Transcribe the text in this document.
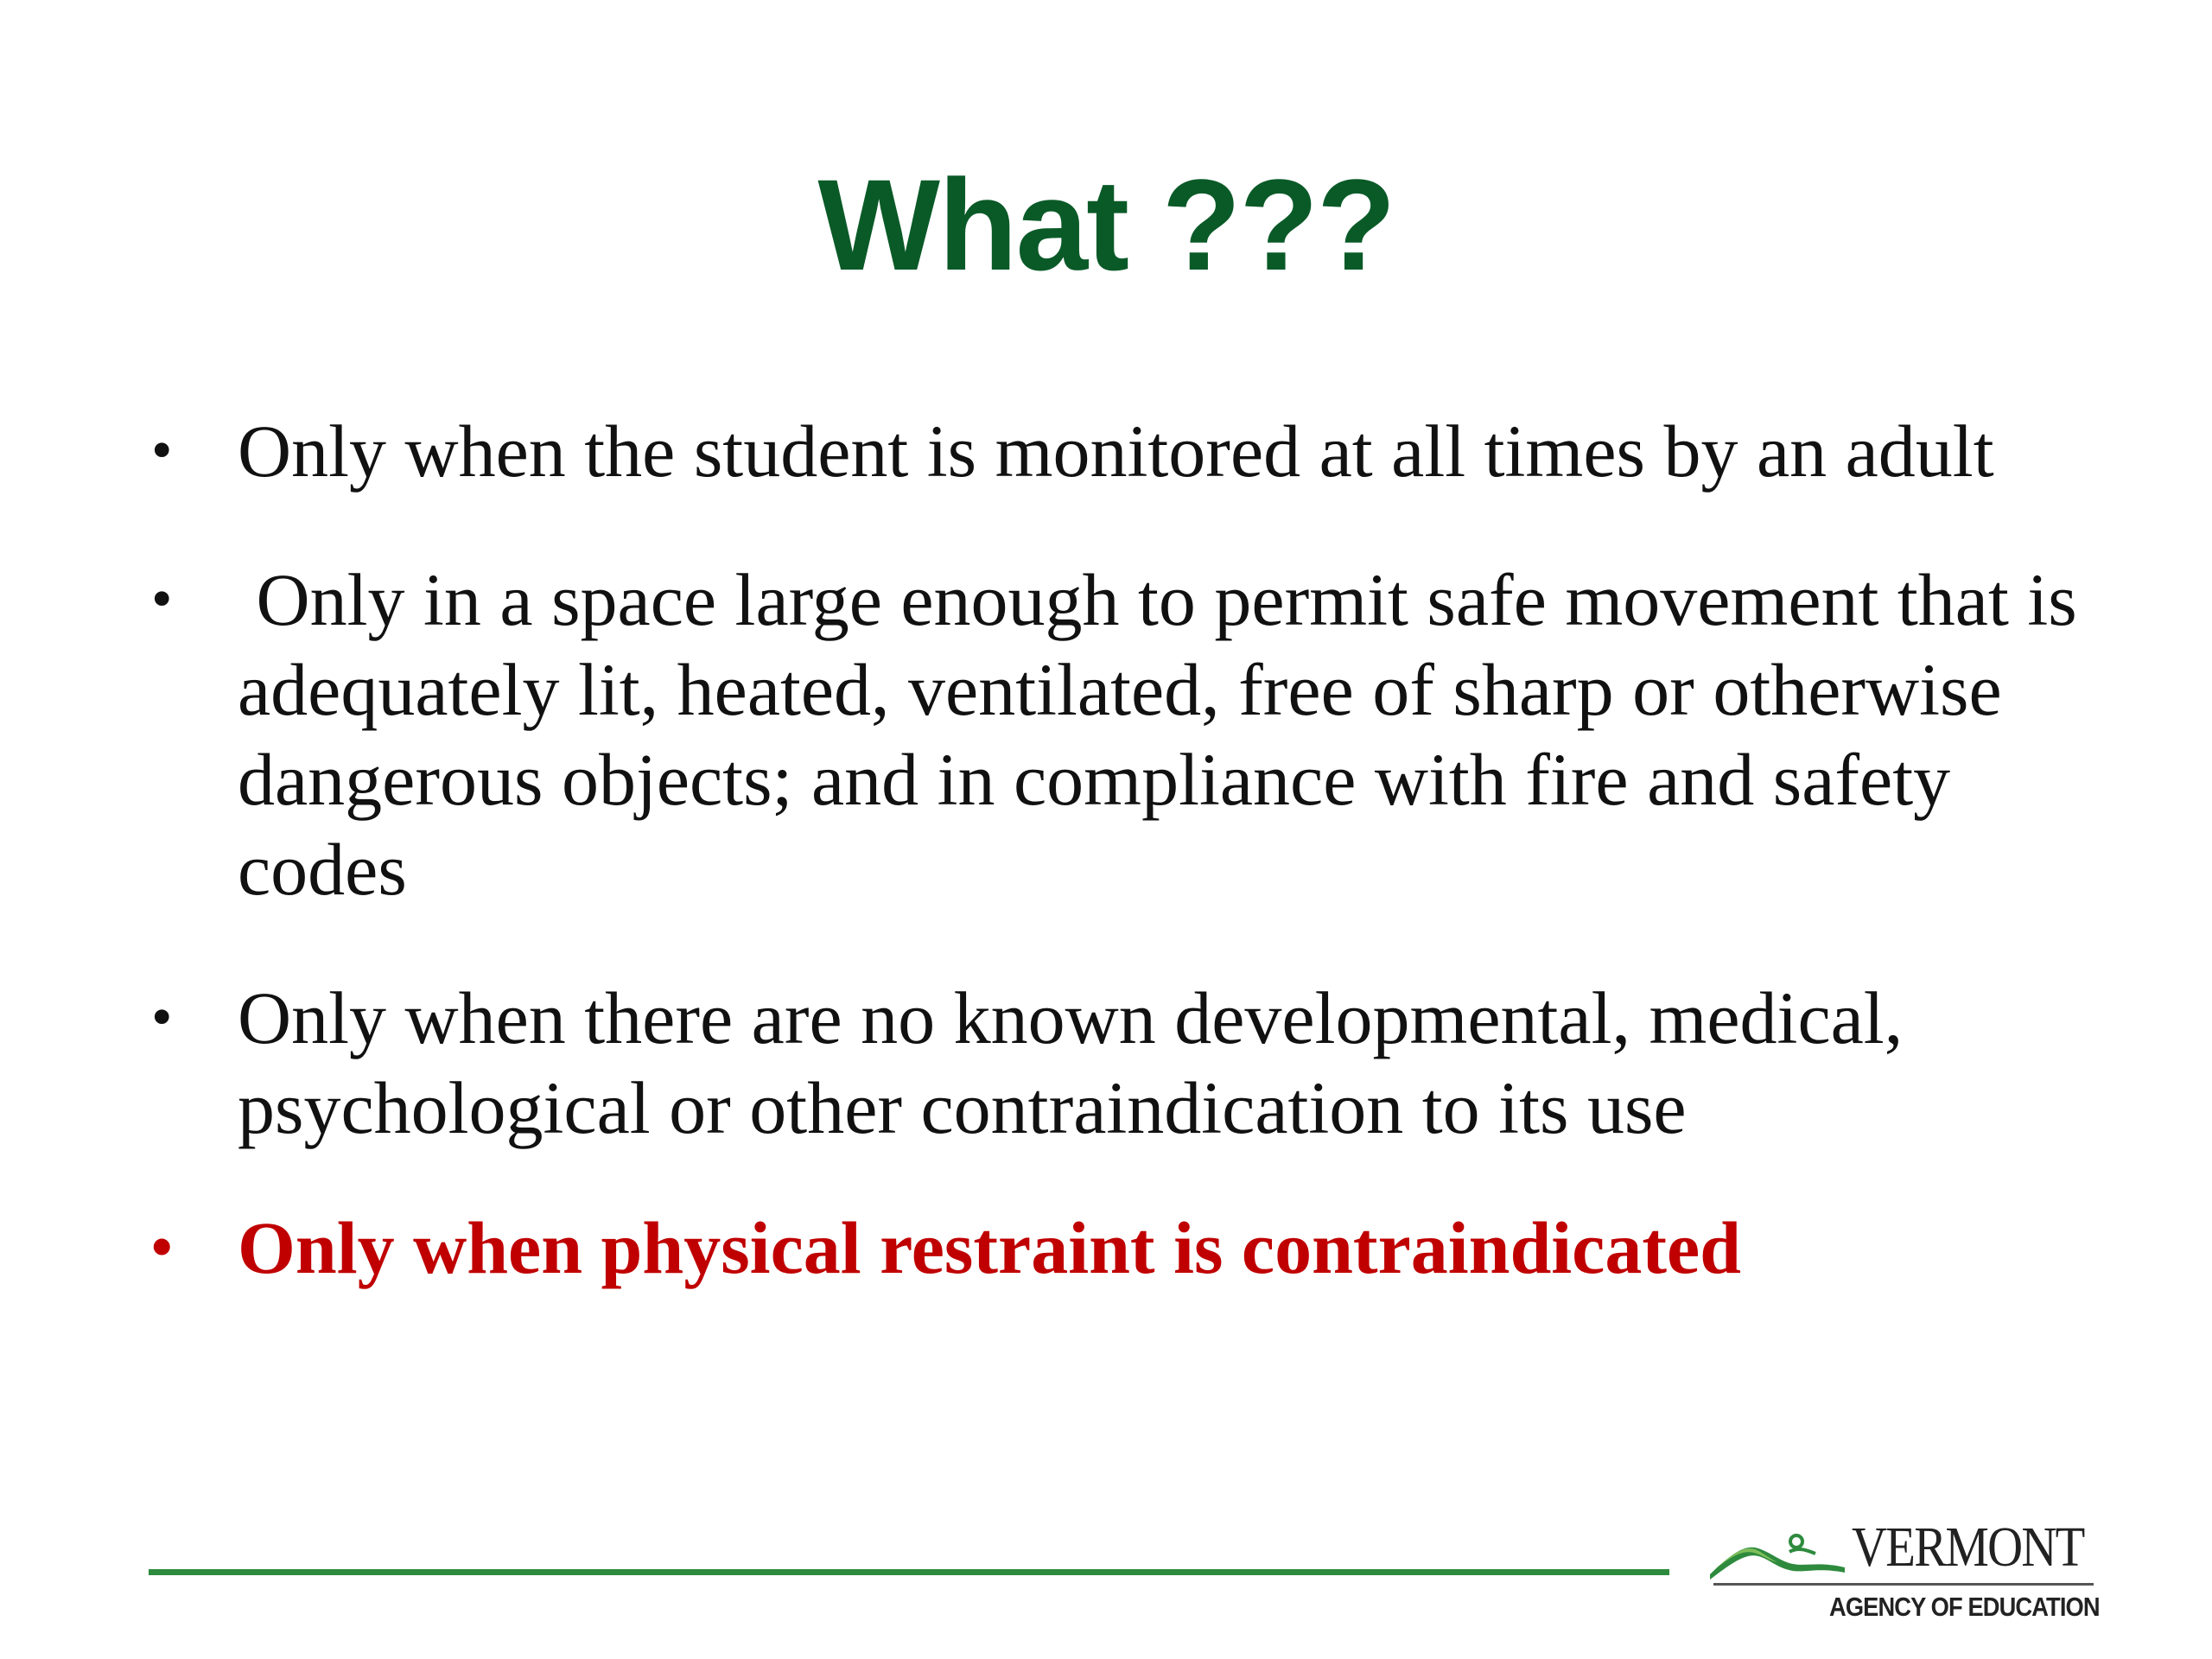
What ???
• Only when the student is monitored at all times by an adult
• Only in a space large enough to permit safe movement that is adequately lit, heated, ventilated, free of sharp or otherwise dangerous objects; and in compliance with fire and safety codes
• Only when there are no known developmental, medical, psychological or other contraindication to its use
• Only when physical restraint is contraindicated
VERMONT
AGENCY OF EDUCATION
